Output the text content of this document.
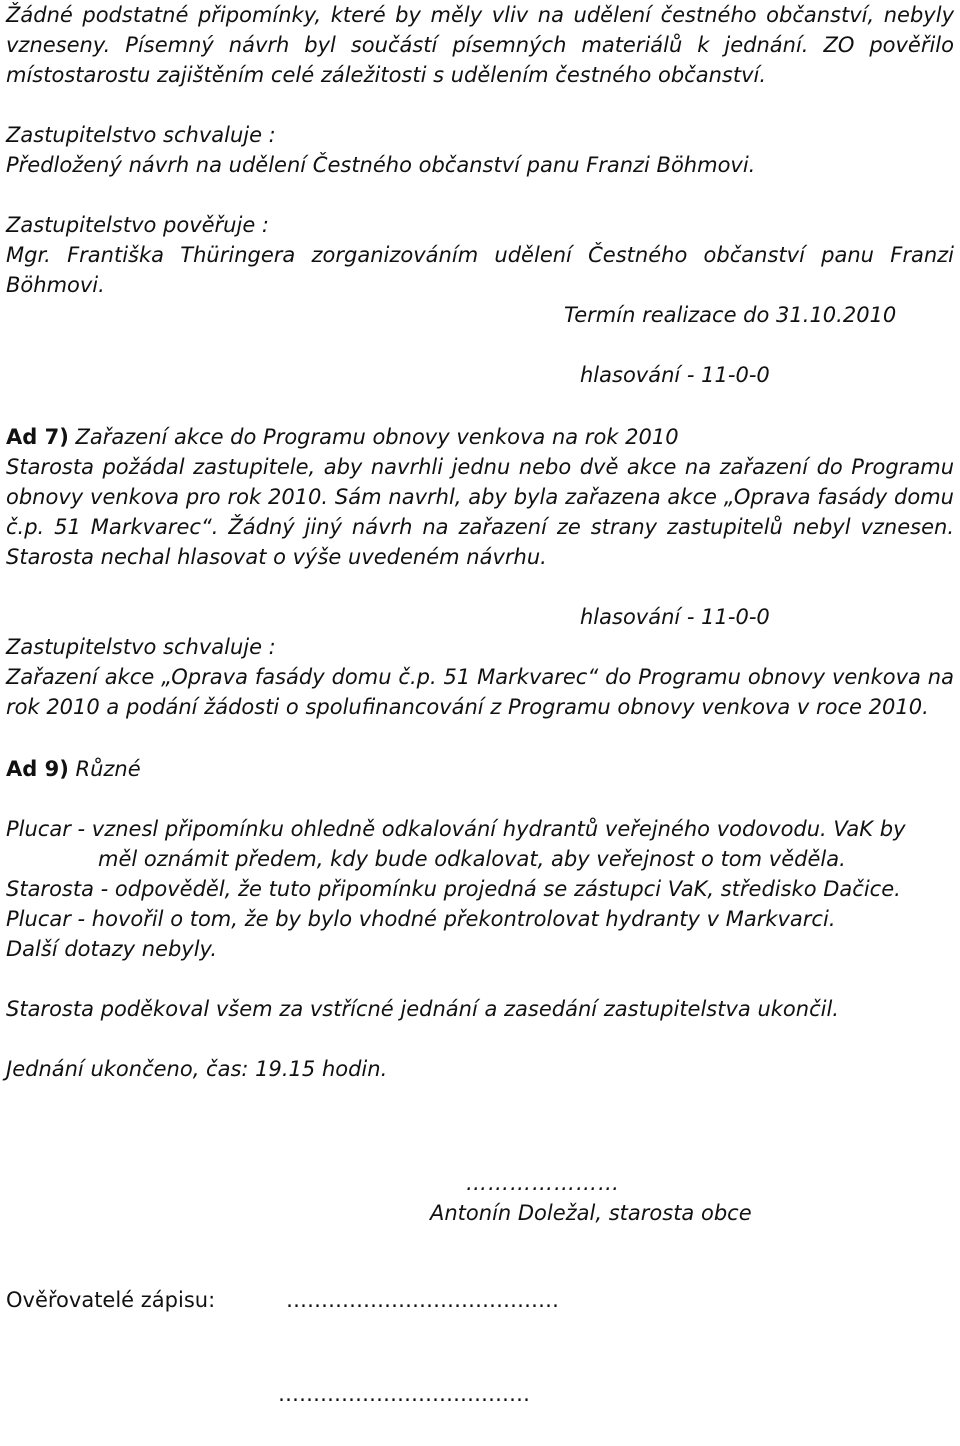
Žádné podstatné připomínky, které by měly vliv na udělení čestného občanství, nebyly vzneseny. Písemný návrh byl součástí písemných materiálů k jednání. ZO pověřilo místostarostu zajištěním celé záležitosti s udělením čestného občanství.

Zastupitelstvo schvaluje :

Předložený návrh na udělení Čestného občanství panu Franzi Böhmovi.

Zastupitelstvo pověřuje :

Mgr. Františka Thüringera zorganizováním udělení Čestného občanství panu Franzi Böhmovi.

Termín realizace do 31.10.2010

hlasování - 11-0-0

Ad 7) Zařazení akce do Programu obnovy venkova na rok 2010

Starosta požádal zastupitele, aby navrhli jednu nebo dvě akce na zařazení do Programu obnovy venkova pro rok 2010. Sám navrhl, aby byla zařazena akce „Oprava fasády domu č.p. 51 Markvarec“. Žádný jiný návrh na zařazení ze strany zastupitelů nebyl vznesen. Starosta nechal hlasovat o výše uvedeném návrhu.

hlasování - 11-0-0

Zastupitelstvo schvaluje :

Zařazení akce „Oprava fasády domu č.p. 51 Markvarec“ do Programu obnovy venkova na rok 2010 a podání žádosti o spolufinancování z Programu obnovy venkova v roce 2010.

Ad 9) Různé

Plucar - vznesl připomínku ohledně odkalování hydrantů veřejného vodovodu. VaK by

měl oznámit předem, kdy bude odkalovat, aby veřejnost o tom věděla.

Starosta - odpověděl, že tuto připomínku projedná se zástupci VaK, středisko Dačice.

Plucar - hovořil o tom, že by bylo vhodné překontrolovat hydranty v Markvarci.

Další dotazy nebyly.

Starosta poděkoval všem za vstřícné jednání a zasedání zastupitelstva ukončil.

Jednání ukončeno, čas: 19.15 hodin.

…………………

Antonín Doležal, starosta obce

Ověřovatelé zápisu:	…………………………………

………………………………
